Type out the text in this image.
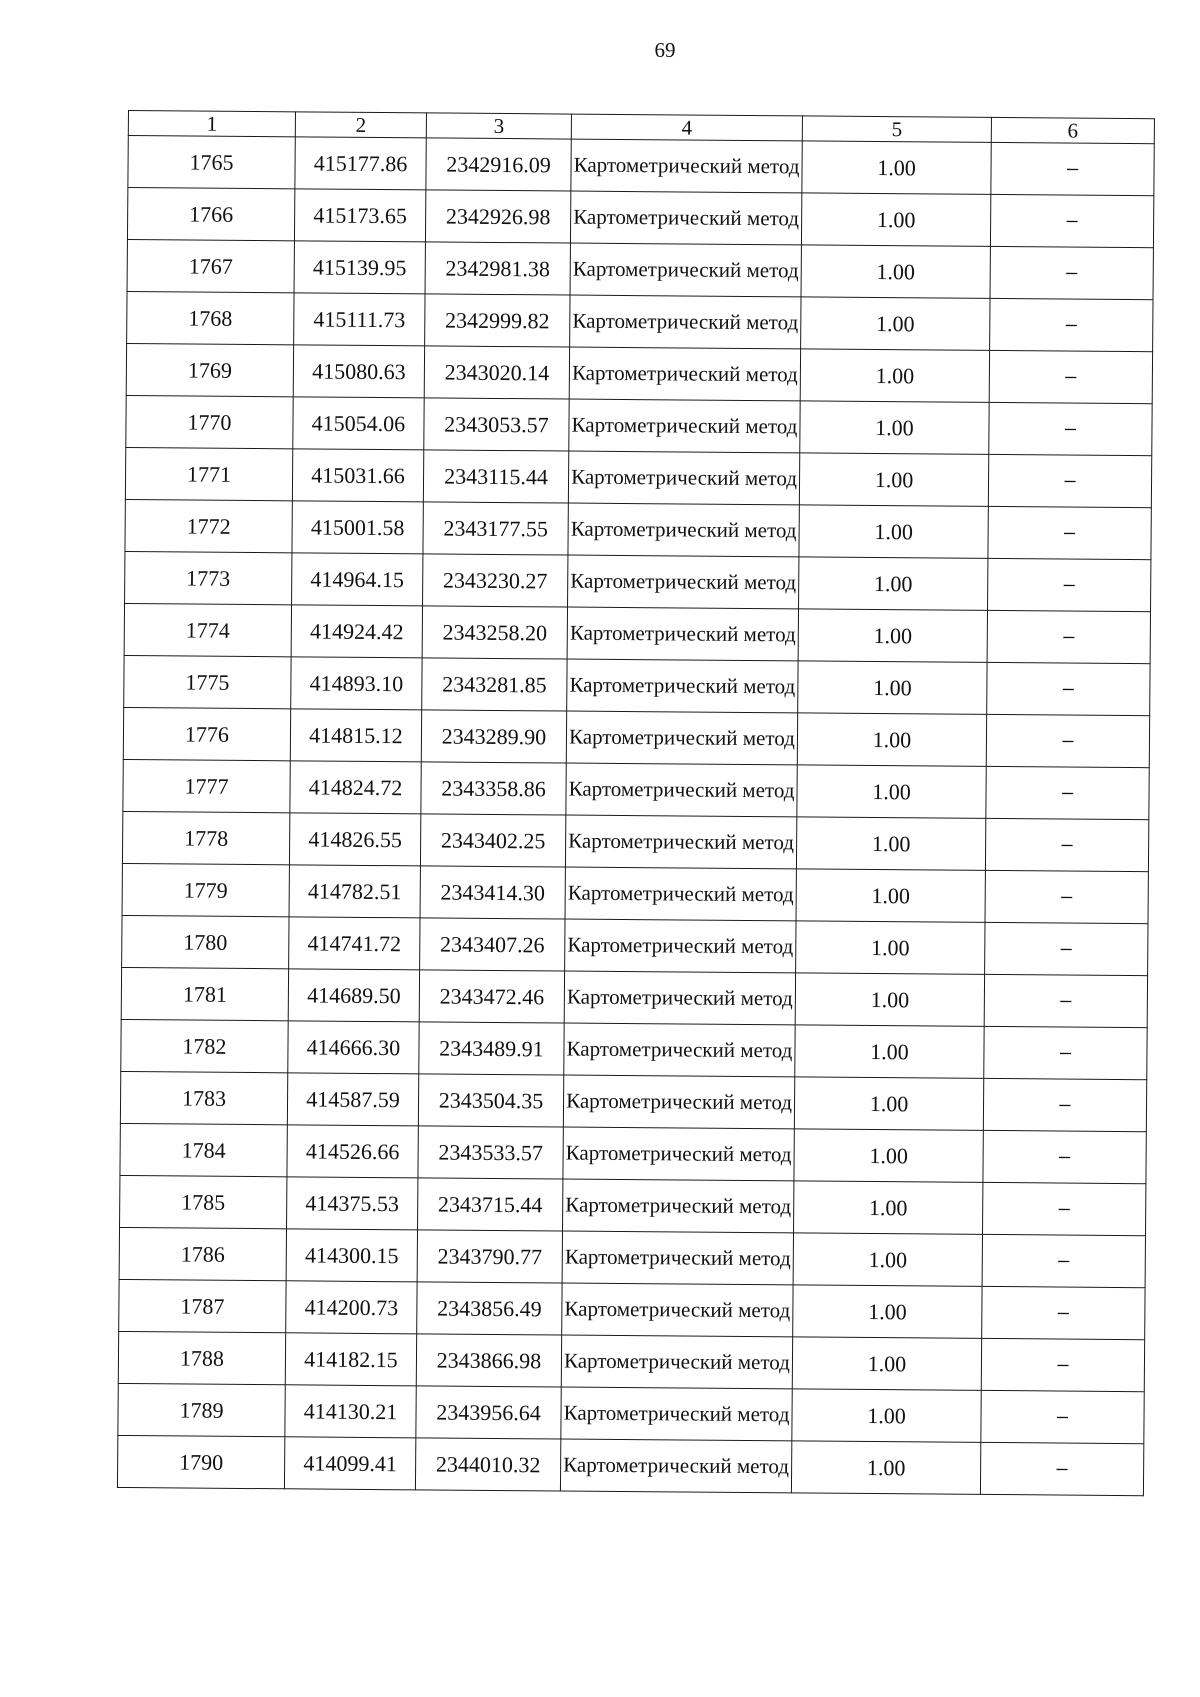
69
1	2	3	4	5	6
1765	415177.86	2342916.09	Картометрический метод	1.00	–
1766	415173.65	2342926.98	Картометрический метод	1.00	–
1767	415139.95	2342981.38	Картометрический метод	1.00	–
1768	415111.73	2342999.82	Картометрический метод	1.00	–
1769	415080.63	2343020.14	Картометрический метод	1.00	–
1770	415054.06	2343053.57	Картометрический метод	1.00	–
1771	415031.66	2343115.44	Картометрический метод	1.00	–
1772	415001.58	2343177.55	Картометрический метод	1.00	–
1773	414964.15	2343230.27	Картометрический метод	1.00	–
1774	414924.42	2343258.20	Картометрический метод	1.00	–
1775	414893.10	2343281.85	Картометрический метод	1.00	–
1776	414815.12	2343289.90	Картометрический метод	1.00	–
1777	414824.72	2343358.86	Картометрический метод	1.00	–
1778	414826.55	2343402.25	Картометрический метод	1.00	–
1779	414782.51	2343414.30	Картометрический метод	1.00	–
1780	414741.72	2343407.26	Картометрический метод	1.00	–
1781	414689.50	2343472.46	Картометрический метод	1.00	–
1782	414666.30	2343489.91	Картометрический метод	1.00	–
1783	414587.59	2343504.35	Картометрический метод	1.00	–
1784	414526.66	2343533.57	Картометрический метод	1.00	–
1785	414375.53	2343715.44	Картометрический метод	1.00	–
1786	414300.15	2343790.77	Картометрический метод	1.00	–
1787	414200.73	2343856.49	Картометрический метод	1.00	–
1788	414182.15	2343866.98	Картометрический метод	1.00	–
1789	414130.21	2343956.64	Картометрический метод	1.00	–
1790	414099.41	2344010.32	Картометрический метод	1.00	–
